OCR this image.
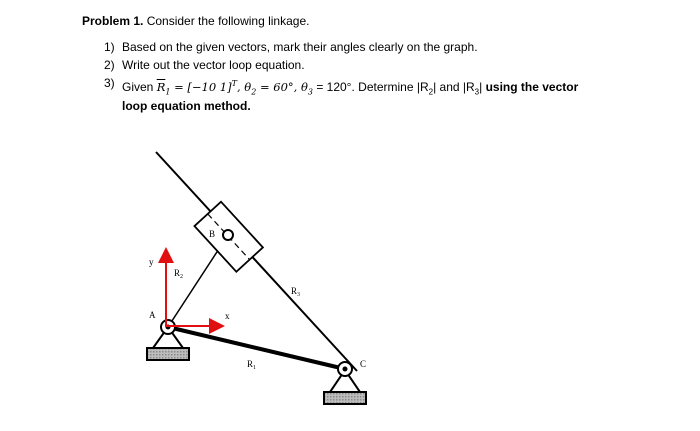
Problem 1. Consider the following linkage.

1) Based on the given vectors, mark their angles clearly on the graph.
2) Write out the vector loop equation.
3) Given $\overline{R}_1 = [-10$ 1]$^T$, $\theta_2 = 60^\circ$, $\theta_3 = 120^\circ$. Determine $|R_2|$ and $|R_3|$ using the vector
loop equation method.
y
x
A
B
C
$R_2$
$R_3$
$R_1$
